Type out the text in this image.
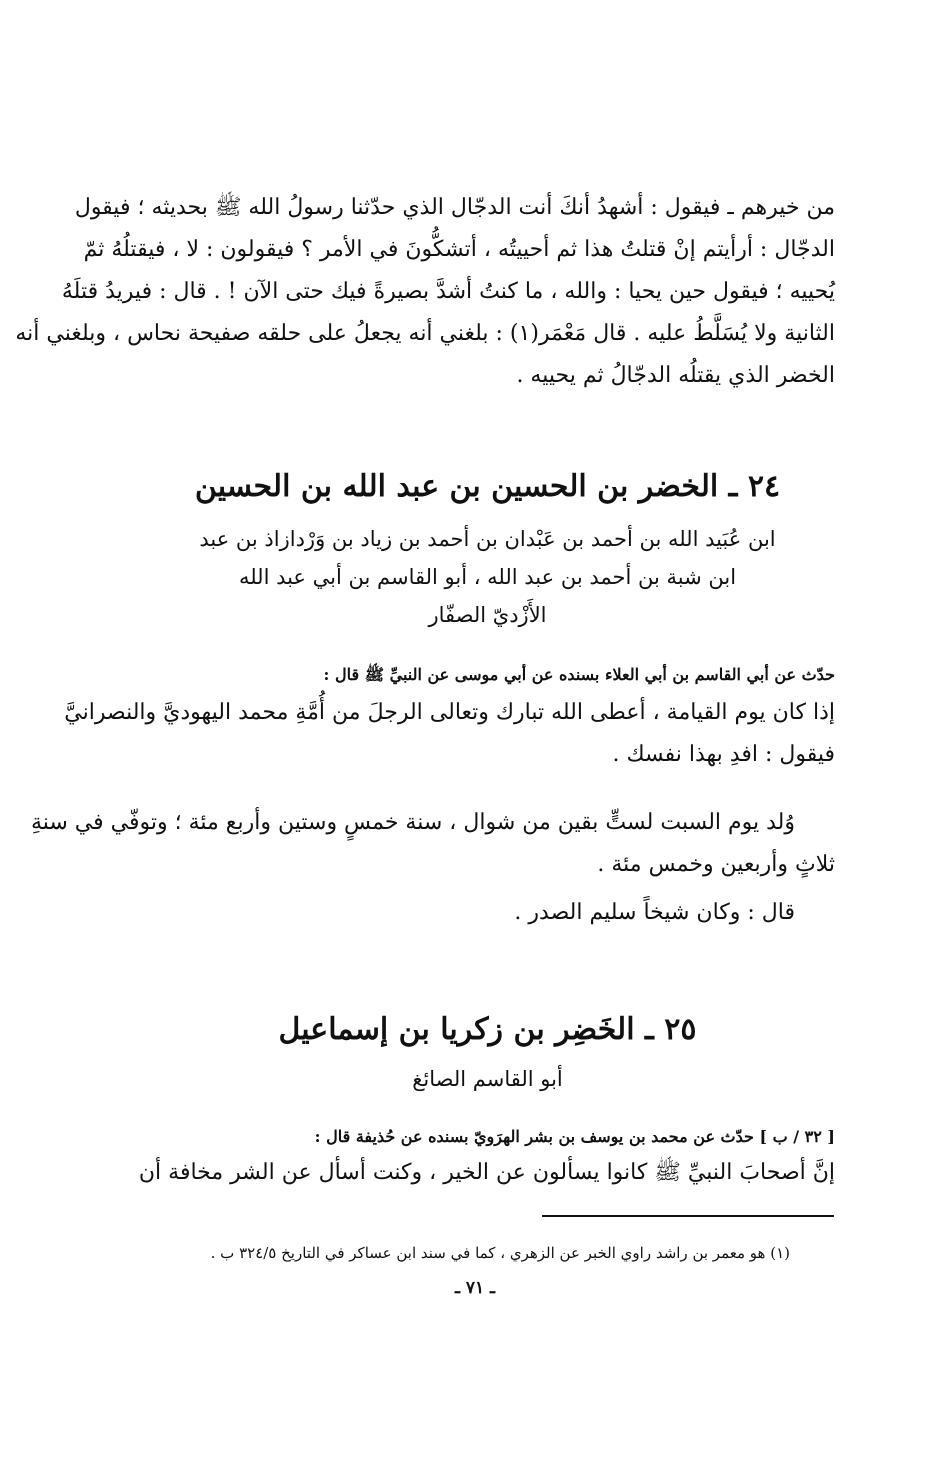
من خيرهم ـ فيقول : أشهدُ أنكَ أنت الدجّال الذي حدّثنا رسولُ الله ﷺ بحديثه ؛ فيقول
الدجّال : أرأيتم إنْ قتلتُ هذا ثم أحييتُه ، أتشكُّونَ في الأمر ؟ فيقولون : لا ، فيقتلُهُ ثمّ
يُحييه ؛ فيقول حين يحيا : والله ، ما كنتُ أشدَّ بصيرةً فيك حتى الآن ! . قال : فيريدُ قتلَهُ
الثانية ولا يُسَلَّطُ عليه . قال مَعْمَر(١) : بلغني أنه يجعلُ على حلقه صفيحة نحاس ، وبلغني أنه
الخضر الذي يقتلُه الدجّالُ ثم يحييه .
٢٤ ـ الخضر بن الحسين بن عبد الله بن الحسين
ابن عُبَيد الله بن أحمد بن عَبْدان بن أحمد بن زياد بن وَرْدازاذ بن عبد
ابن شبة بن أحمد بن عبد الله ، أبو القاسم بن أبي عبد الله
الأَزْديّ الصفّار
حدّث عن أبي القاسم بن أبي العلاء بسنده عن أبي موسى عن النبيِّ ﷺ قال :
إذا كان يوم القيامة ، أعطى الله تبارك وتعالى الرجلَ من أُمَّةِ محمد اليهوديَّ والنصرانيَّ
فيقول : افدِ بهذا نفسك .
وُلد يوم السبت لستٍّ بقين من شوال ، سنة خمسٍ وستين وأربع مئة ؛ وتوفّي في سنةِ
ثلاثٍ وأربعين وخمس مئة .
قال : وكان شيخاً سليم الصدر .
٢٥ ـ الخَضِر بن زكريا بن إسماعيل
أبو القاسم الصائغ
[ ٣٢ / ب ] حدّث عن محمد بن يوسف بن بشر الهرَويّ بسنده عن حُذيفة قال :
إنَّ أصحابَ النبيِّ ﷺ كانوا يسألون عن الخير ، وكنت أسأل عن الشر مخافة أن
(١) هو معمر بن راشد راوي الخبر عن الزهري ، كما في سند ابن عساكر في التاريخ ٣٢٤/٥ ب .
ـ ٧١ ـ
